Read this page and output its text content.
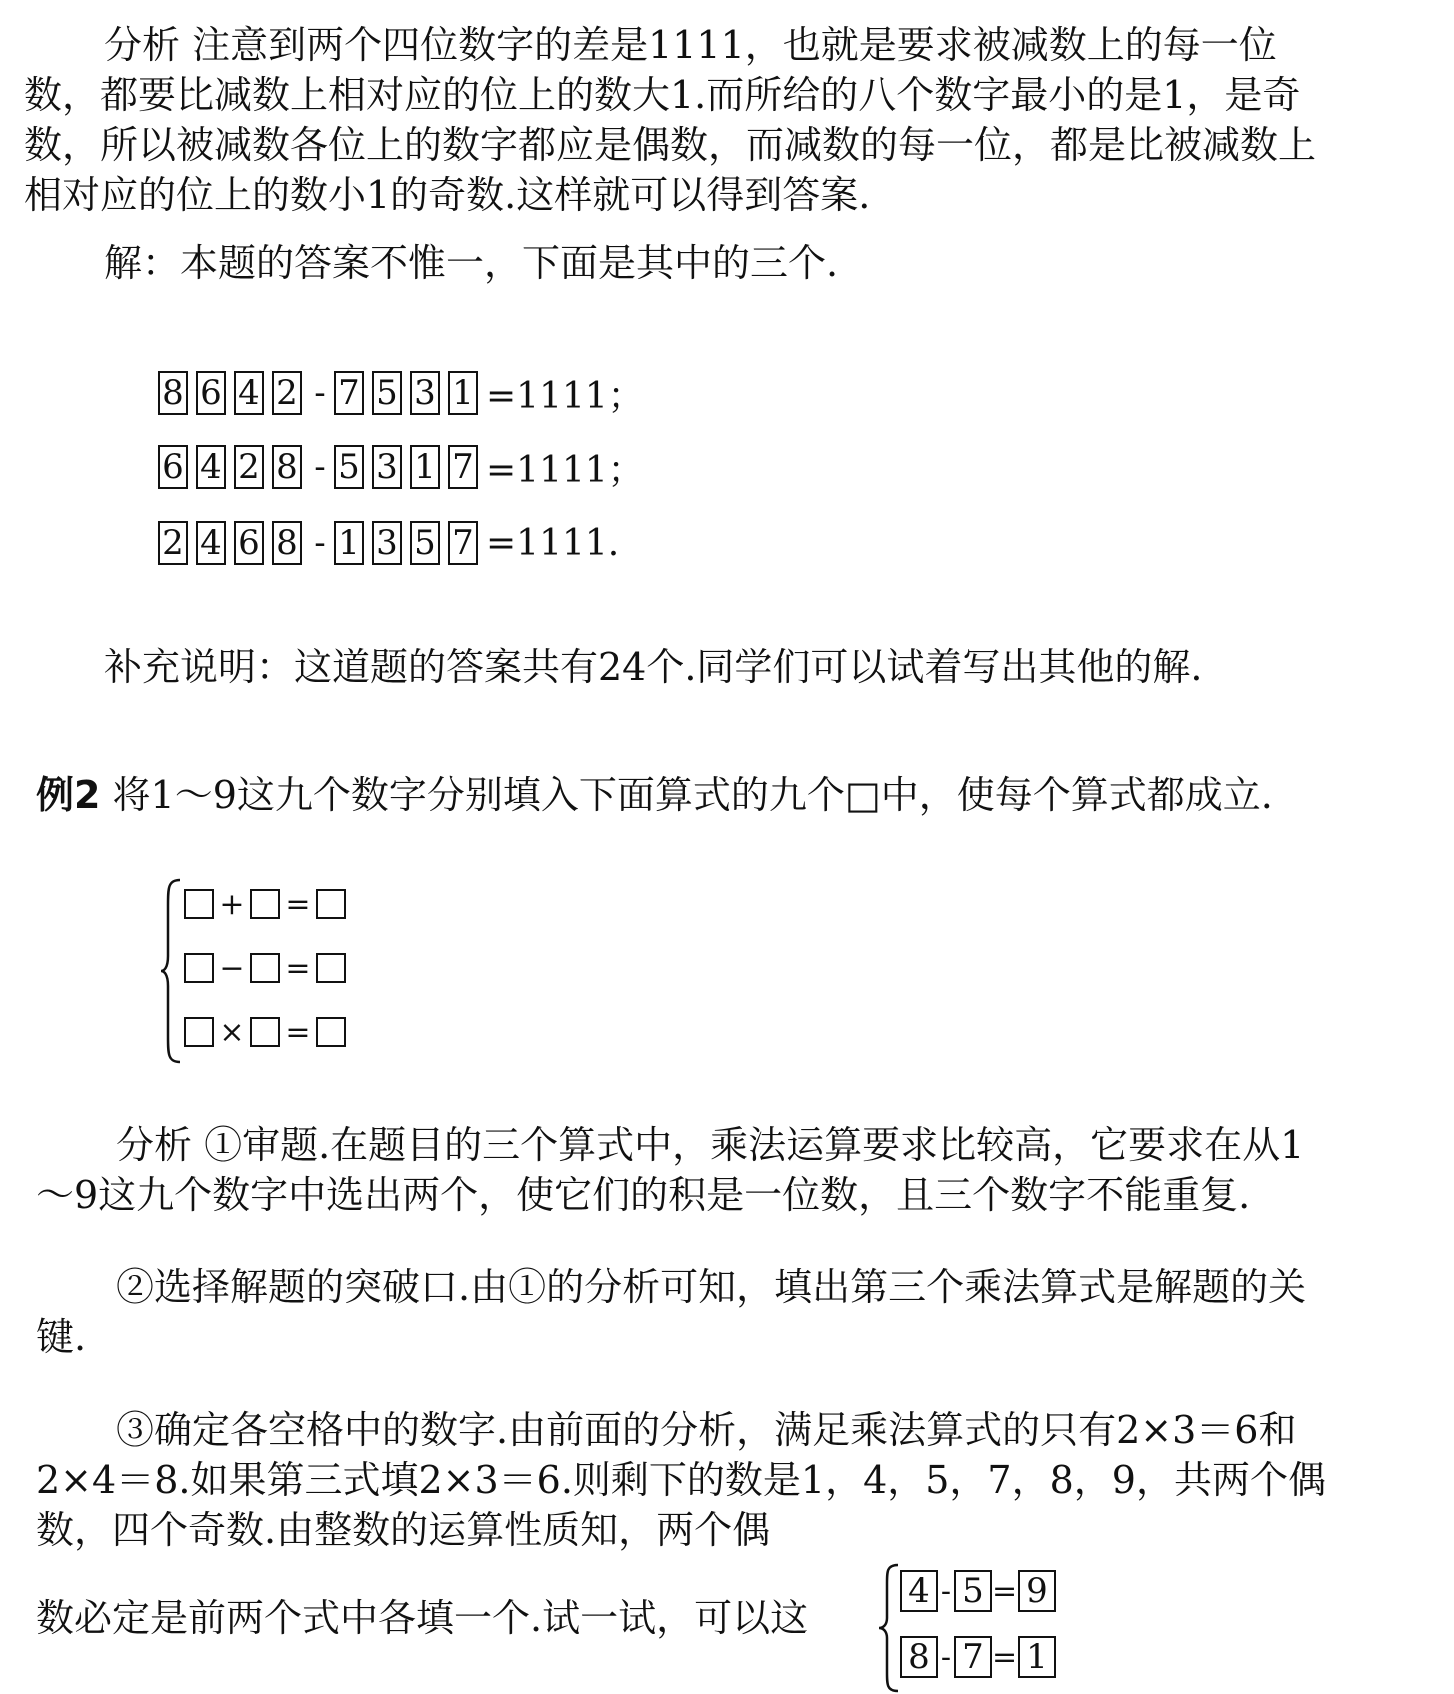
分析 注意到两个四位数字的差是1111，也就是要求被减数上的每一位数，都要比减数上相对应的位上的数大1.而所给的八个数字最小的是1，是奇数，所以被减数各位上的数字都应是偶数，而减数的每一位，都是比被减数上相对应的位上的数小1的奇数.这样就可以得到答案.

解：本题的答案不惟一，下面是其中的三个.

8 6 4 2 - 7 5 3 1 =1111；
6 4 2 8 - 5 3 1 7 =1111；
2 4 6 8 - 1 3 5 7 =1111.

补充说明：这道题的答案共有24个.同学们可以试着写出其他的解.

例2 将1～9这九个数字分别填入下面算式的九个□中，使每个算式都成立.
+ =
− =
× =

分析 ①审题.在题目的三个算式中，乘法运算要求比较高，它要求在从1～9这九个数字中选出两个，使它们的积是一位数，且三个数字不能重复.

②选择解题的突破口.由①的分析可知，填出第三个乘法算式是解题的关键.

③确定各空格中的数字.由前面的分析，满足乘法算式的只有2×3＝6和2×4＝8.如果第三式填2×3＝6.则剩下的数是1，4，5，7，8，9，共两个偶数，四个奇数.由整数的运算性质知，两个偶

数必定是前两个式中各填一个.试一试，可以这
4 - 5 = 9
8 - 7 = 1
